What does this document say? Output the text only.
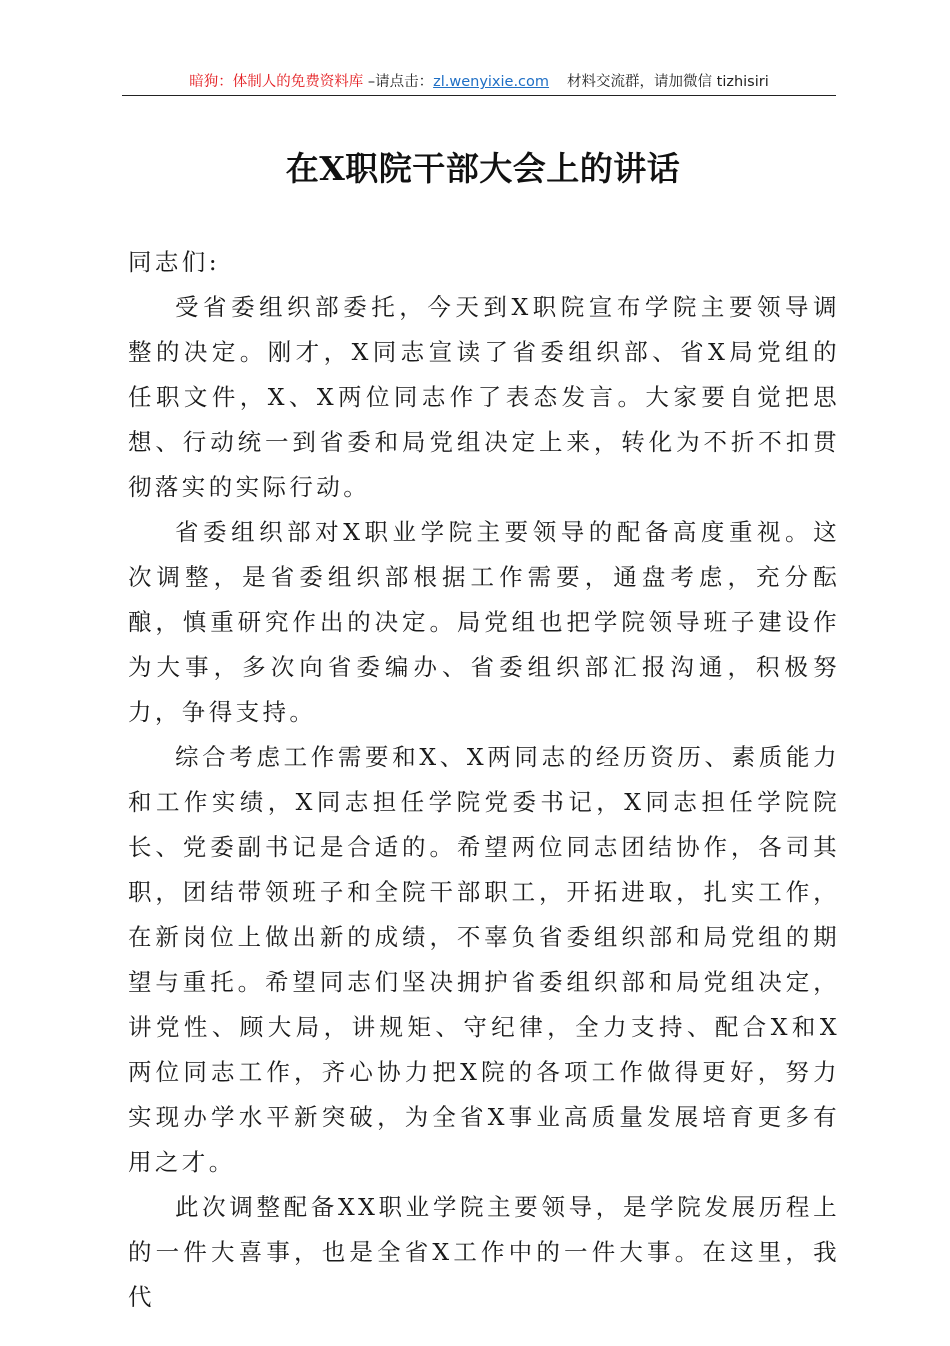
暗狗：体制人的免费资料库 –请点击：zl.wenyixie.com 材料交流群，请加微信 tizhisiri
在X职院干部大会上的讲话

同志们:

受省委组织部委托，今天到X职院宣布学院主要领导调整的决定。刚才，X同志宣读了省委组织部、省X局党组的任职文件，X、X两位同志作了表态发言。大家要自觉把思想、行动统一到省委和局党组决定上来，转化为不折不扣贯彻落实的实际行动。

省委组织部对X职业学院主要领导的配备高度重视。这次调整，是省委组织部根据工作需要，通盘考虑，充分酝酿，慎重研究作出的决定。局党组也把学院领导班子建设作为大事，多次向省委编办、省委组织部汇报沟通，积极努力，争得支持。

综合考虑工作需要和X、X两同志的经历资历、素质能力和工作实绩，X同志担任学院党委书记，X同志担任学院院长、党委副书记是合适的。希望两位同志团结协作，各司其职，团结带领班子和全院干部职工，开拓进取，扎实工作，在新岗位上做出新的成绩，不辜负省委组织部和局党组的期望与重托。希望同志们坚决拥护省委组织部和局党组决定，讲党性、顾大局，讲规矩、守纪律，全力支持、配合X和X两位同志工作，齐心协力把X院的各项工作做得更好，努力实现办学水平新突破，为全省X事业高质量发展培育更多有用之才。

此次调整配备XX职业学院主要领导，是学院发展历程上的一件大喜事，也是全省X工作中的一件大事。在这里，我代
